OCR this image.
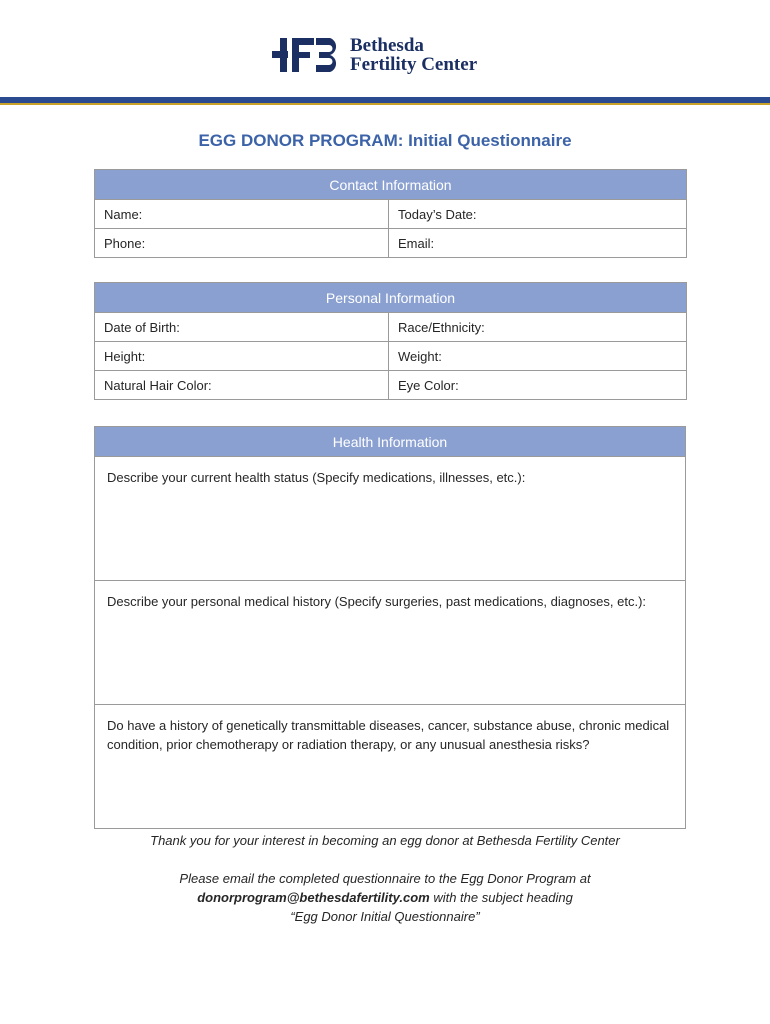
Bethesda
Fertility Center
EGG DONOR PROGRAM: Initial Questionnaire
Contact Information	
Name:	Today’s Date:
Phone:	Email:
Personal Information	
Date of Birth:	Race/Ethnicity:
Height:	Weight:
Natural Hair Color:	Eye Color:
Health Information
Describe your current health status (Specify medications, illnesses, etc.):
Describe your personal medical history (Specify surgeries, past medications, diagnoses, etc.):
Do have a history of genetically transmittable diseases, cancer, substance abuse, chronic medical condition, prior chemotherapy or radiation therapy, or any unusual anesthesia risks?
Thank you for your interest in becoming an egg donor at Bethesda Fertility Center
Please email the completed questionnaire to the Egg Donor Program at
donorprogram@bethesdafertility.com with the subject heading
“Egg Donor Initial Questionnaire”
